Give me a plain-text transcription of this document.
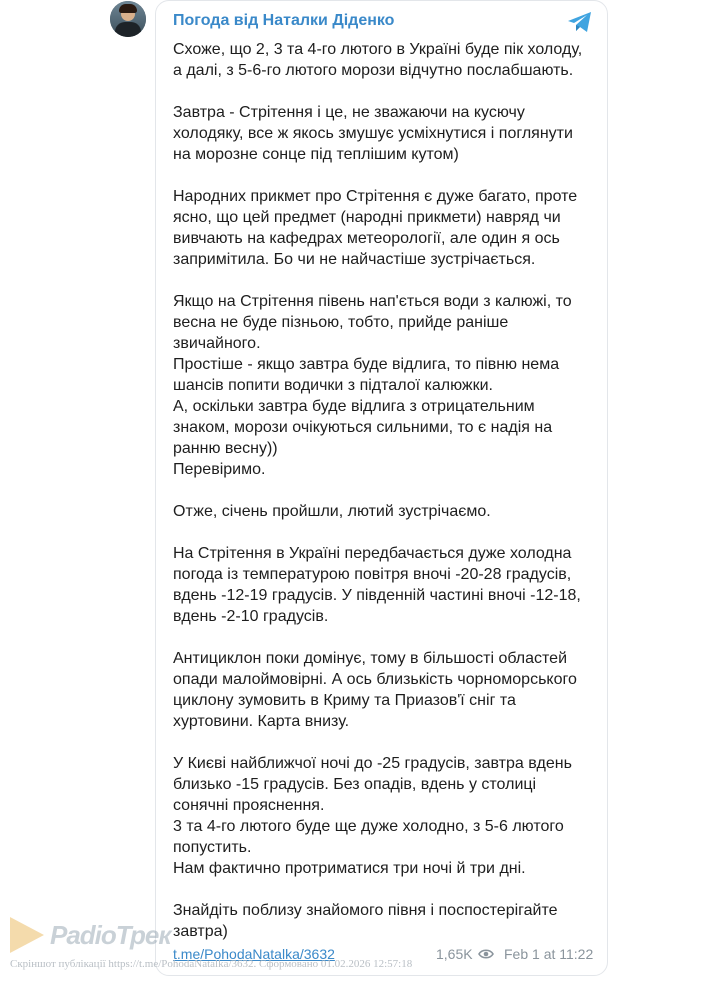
Погода від Наталки Діденко
Схоже, що 2, 3 та 4-го лютого в Україні буде пік холоду,
а далі, з 5-6-го лютого морози відчутно послабшають.
Завтра - Стрітення і це, не зважаючи на кусючу
холодяку, все ж якось змушує усміхнутися і поглянути
на морозне сонце під теплішим кутом)
Народних прикмет про Стрітення є дуже багато, проте
ясно, що цей предмет (народні прикмети) навряд чи
вивчають на кафедрах метеорології, але один я ось
запримітила. Бо чи не найчастіше зустрічається.
Якщо на Стрітення півень нап'ється води з калюжі, то
весна не буде пізньою, тобто, прийде раніше
звичайного.
Простіше - якщо завтра буде відлига, то півню нема
шансів попити водички з підталої калюжки.
А, оскільки завтра буде відлига з отрицательним
знаком, морози очікуються сильними, то є надія на
ранню весну))
Перевіримо.
Отже, січень пройшли, лютий зустрічаємо.
На Стрітення в Україні передбачається дуже холодна
погода із температурою повітря вночі -20-28 градусів,
вдень -12-19 градусів. У південній частині вночі -12-18,
вдень -2-10 градусів.
Антициклон поки домінує, тому в більшості областей
опади малоймовірні. А ось близькість чорноморського
циклону зумовить в Криму та Приазов'ї сніг та
хуртовини. Карта внизу.
У Києві найближчої ночі до -25 градусів, завтра вдень
близько -15 градусів. Без опадів, вдень у столиці
сонячні прояснення.
3 та 4-го лютого буде ще дуже холодно, з 5-6 лютого
попустить.
Нам фактично протриматися три ночі й три дні.
Знайдіть поблизу знайомого півня і поспостерігайте
завтра)
t.me/PohodaNatalka/3632	1,65K Feb 1 at 11:22
РadioТрек
Скріншот публікації https://t.me/PohodaNatalka/3632. Сформовано 01.02.2026 12:57:18
